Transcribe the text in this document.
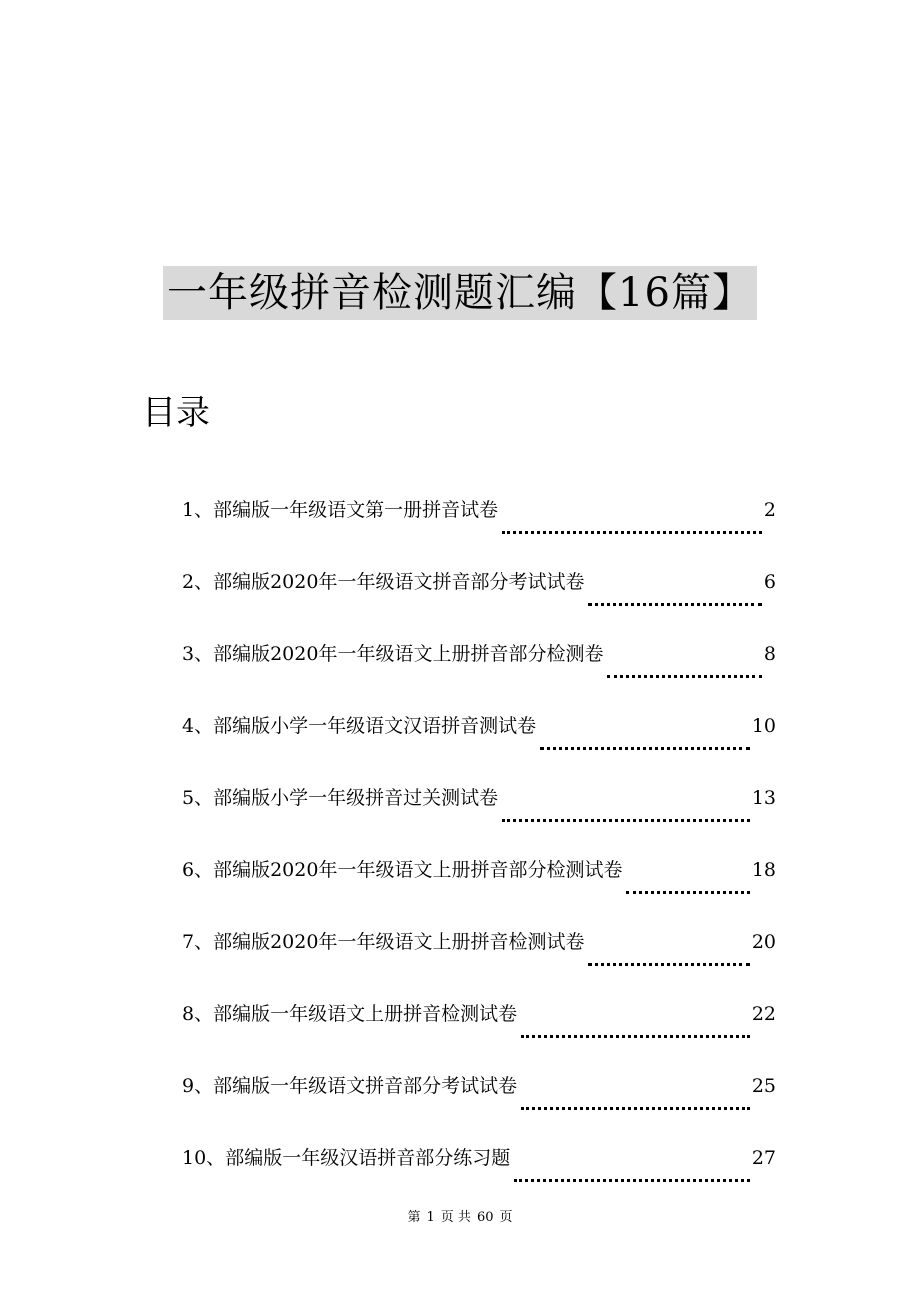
一年级拼音检测题汇编【16篇】
目录
1、 部编版一年级语文第一册拼音试卷	2
2、 部编版2020年一年级语文拼音部分考试试卷	6
3、 部编版2020年一年级语文上册拼音部分检测卷	8
4、 部编版小学一年级语文汉语拼音测试卷	10
5、 部编版小学一年级拼音过关测试卷	13
6、 部编版2020年一年级语文上册拼音部分检测试卷	18
7、 部编版2020年一年级语文上册拼音检测试卷	20
8、 部编版一年级语文上册拼音检测试卷	22
9、 部编版一年级语文拼音部分考试试卷	25
10、 部编版一年级汉语拼音部分练习题	27
第 1 页 共 60 页
